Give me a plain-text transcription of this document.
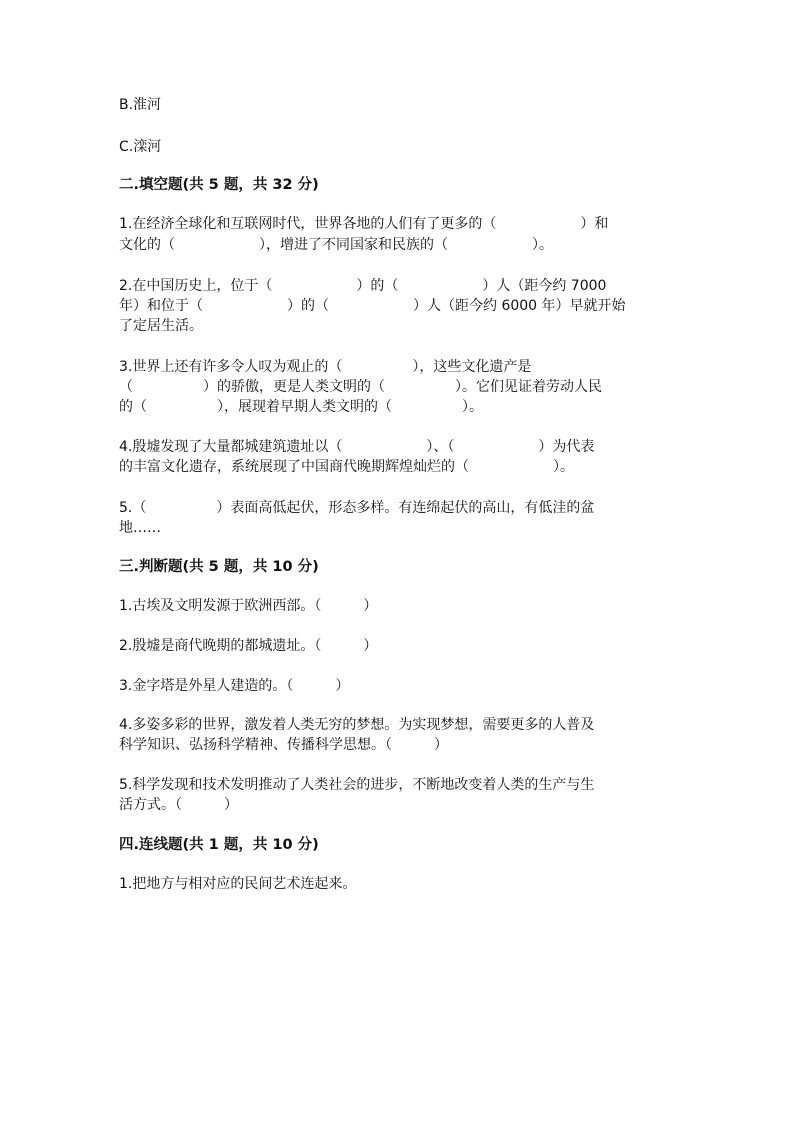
B.淮河
C.滦河
二.填空题(共 5 题，共 32 分)
1.在经济全球化和互联网时代，世界各地的人们有了更多的（　　　　　　）和
文化的（　　　　　　），增进了不同国家和民族的（　　　　　　）。
2.在中国历史上，位于（　　　　　　）的（　　　　　　）人（距今约 7000
年）和位于（　　　　　　）的（　　　　　　）人（距今约 6000 年）早就开始
了定居生活。
3.世界上还有许多令人叹为观止的（　　　　　），这些文化遗产是
（　　　　　）的骄傲，更是人类文明的（　　　　　）。它们见证着劳动人民
的（　　　　　），展现着早期人类文明的（　　　　　）。
4.殷墟发现了大量都城建筑遗址以（　　　　　　）、（　　　　　　）为代表
的丰富文化遗存，系统展现了中国商代晚期辉煌灿烂的（　　　　　　）。
5.（　　　　　）表面高低起伏，形态多样。有连绵起伏的高山，有低洼的盆
地……
三.判断题(共 5 题，共 10 分)
1.古埃及文明发源于欧洲西部。（　　　）
2.殷墟是商代晚期的都城遗址。（　　　）
3.金字塔是外星人建造的。（　　　）
4.多姿多彩的世界，激发着人类无穷的梦想。为实现梦想，需要更多的人普及
科学知识、弘扬科学精神、传播科学思想。（　　　）
5.科学发现和技术发明推动了人类社会的进步，不断地改变着人类的生产与生
活方式。（　　　）
四.连线题(共 1 题，共 10 分)
1.把地方与相对应的民间艺术连起来。
